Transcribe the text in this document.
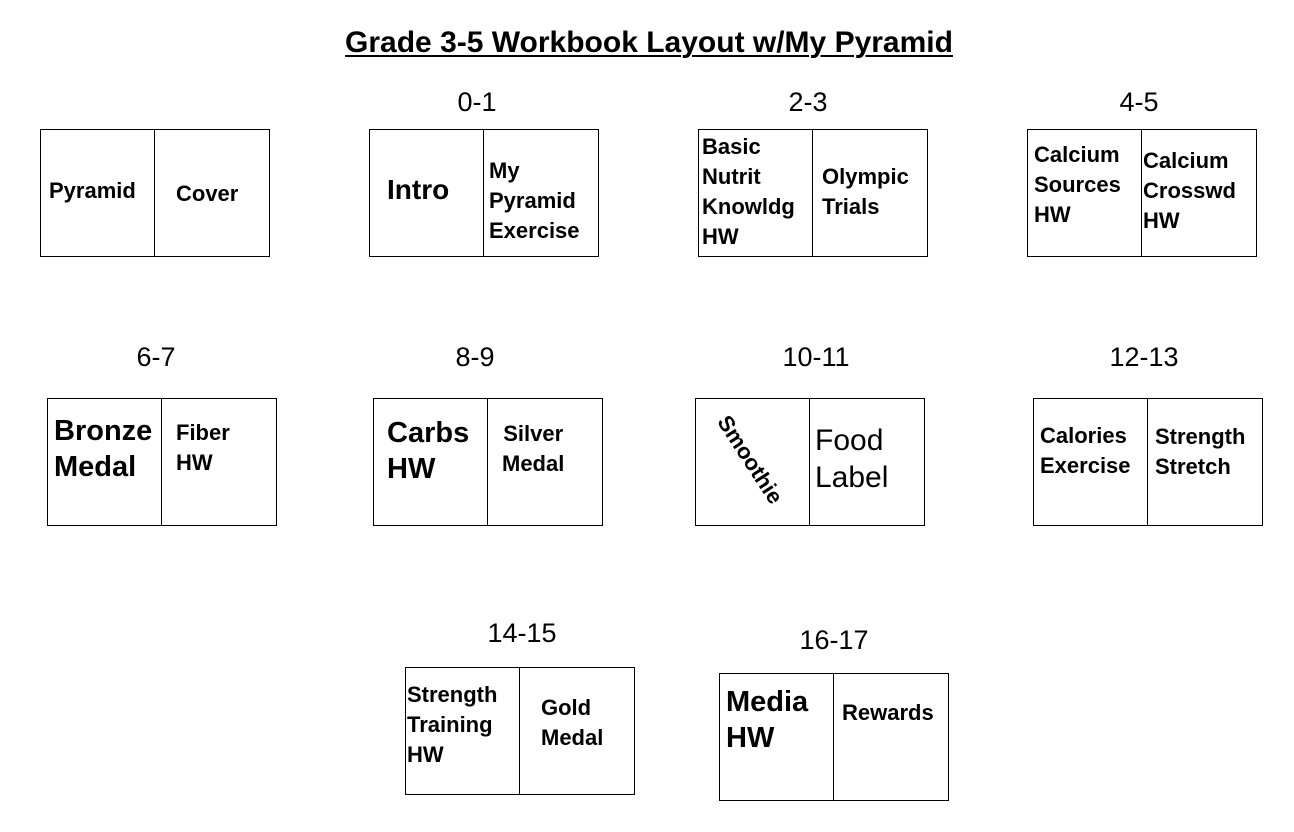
Grade 3-5 Workbook Layout w/My Pyramid
Pyramid Cover
0-1
Intro
My
Pyramid
Exercise
2-3
Basic
Nutrit
Knowldg
HW
Olympic
Trials
4-5
Calcium
Sources
HW
Calcium
Crosswd
HW
6-7
Bronze
Medal
Fiber
HW
8-9
Carbs
HW
Silver
Medal
10-11
Smoothie Food
Label
12-13
Calories
Exercise
Strength
Stretch
14-15
Strength
Training
HW
Gold
Medal
16-17
Media
HW
Rewards
